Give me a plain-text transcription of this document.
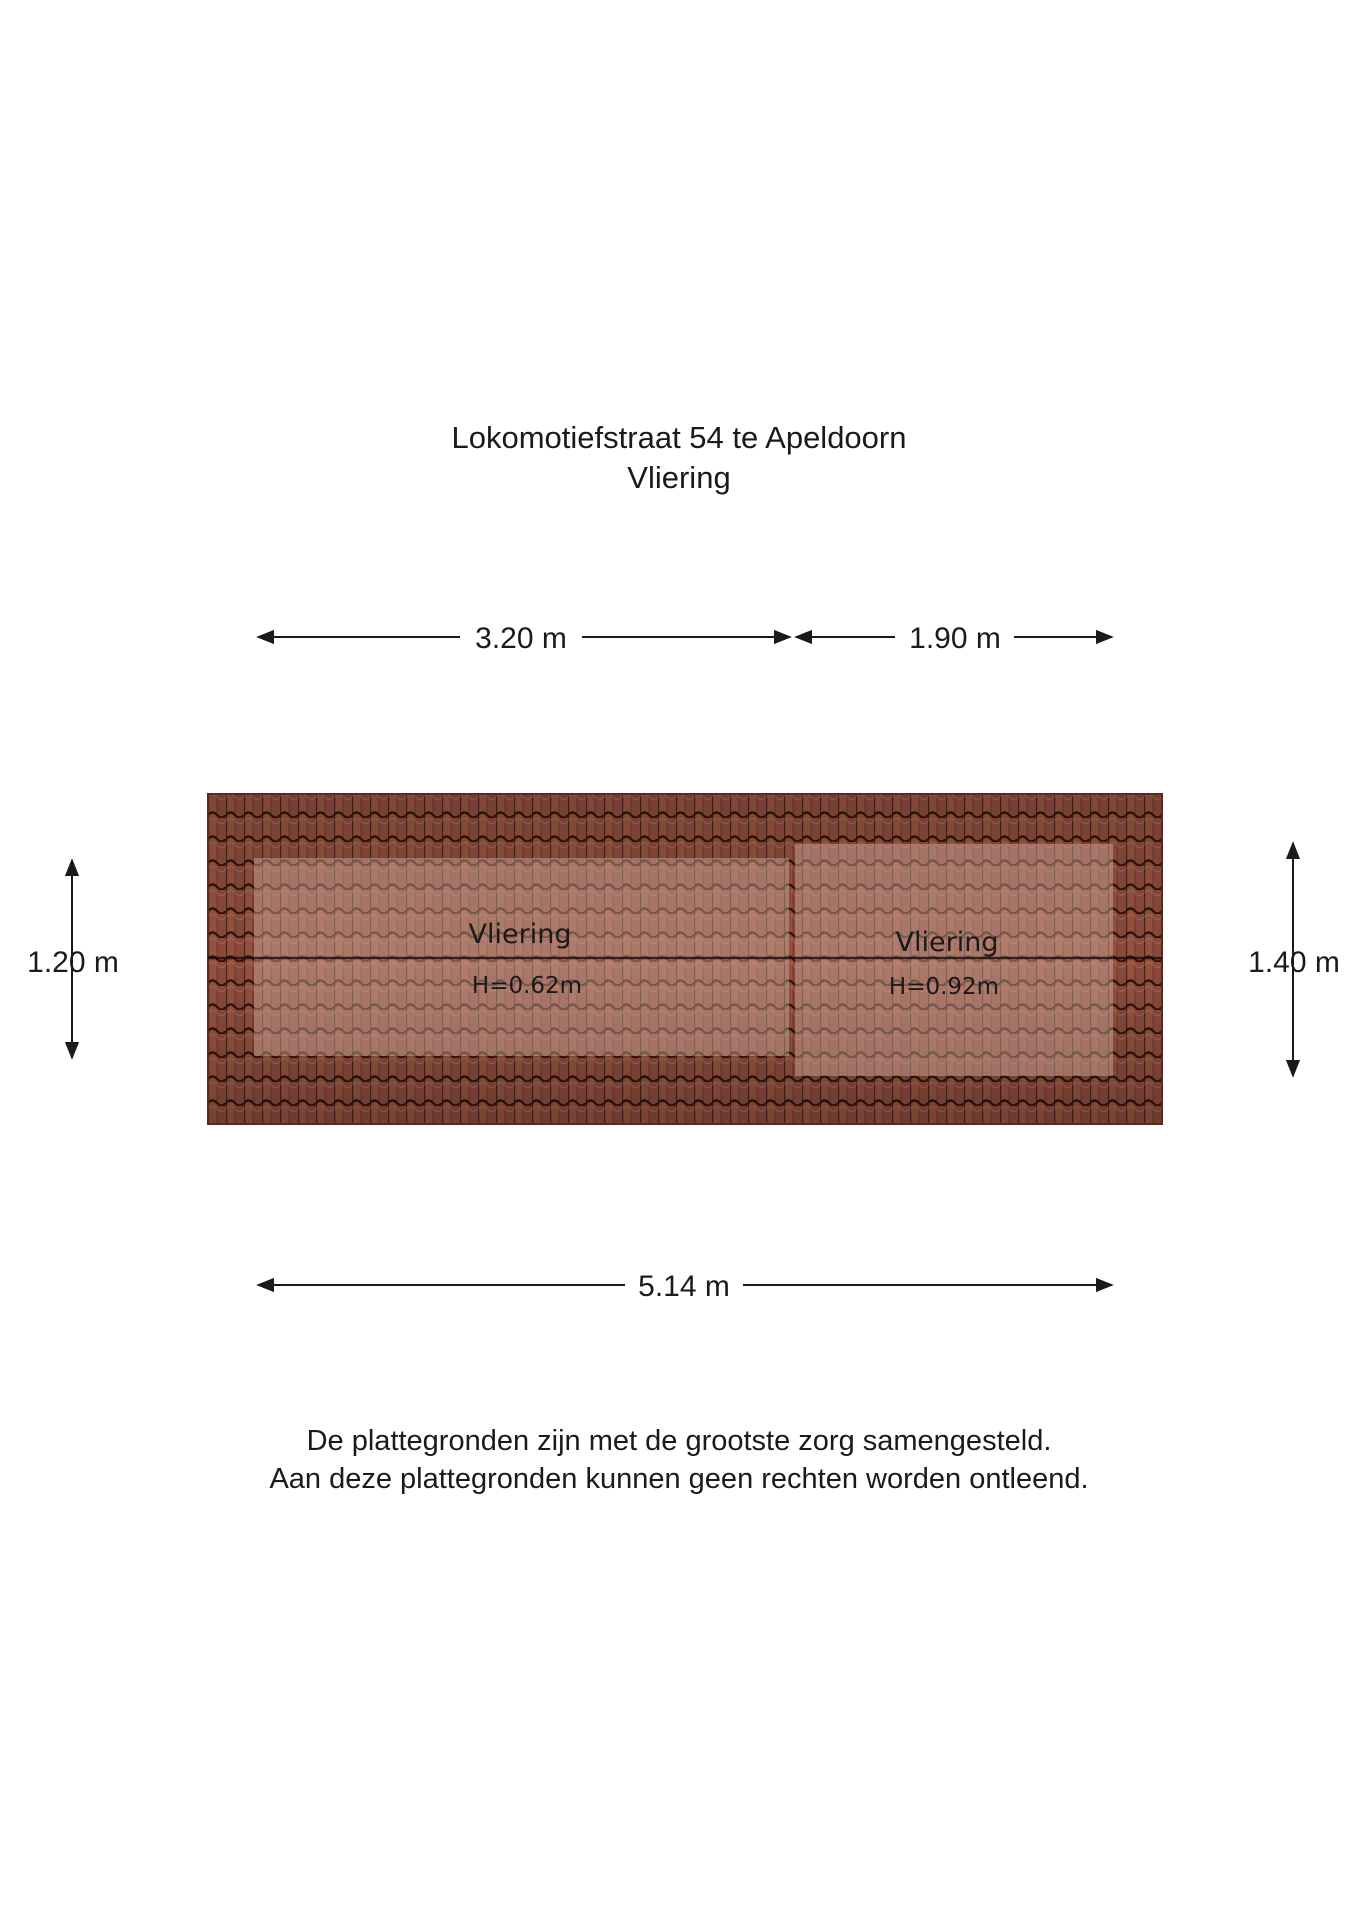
Lokomotiefstraat 54 te Apeldoorn
Vliering
3.20 m	1.90 m
1.20 m	1.40 m
Vliering
H=0.62m
Vliering
H=0.92m
5.14 m
De plattegronden zijn met de grootste zorg samengesteld.
Aan deze plattegronden kunnen geen rechten worden ontleend.
